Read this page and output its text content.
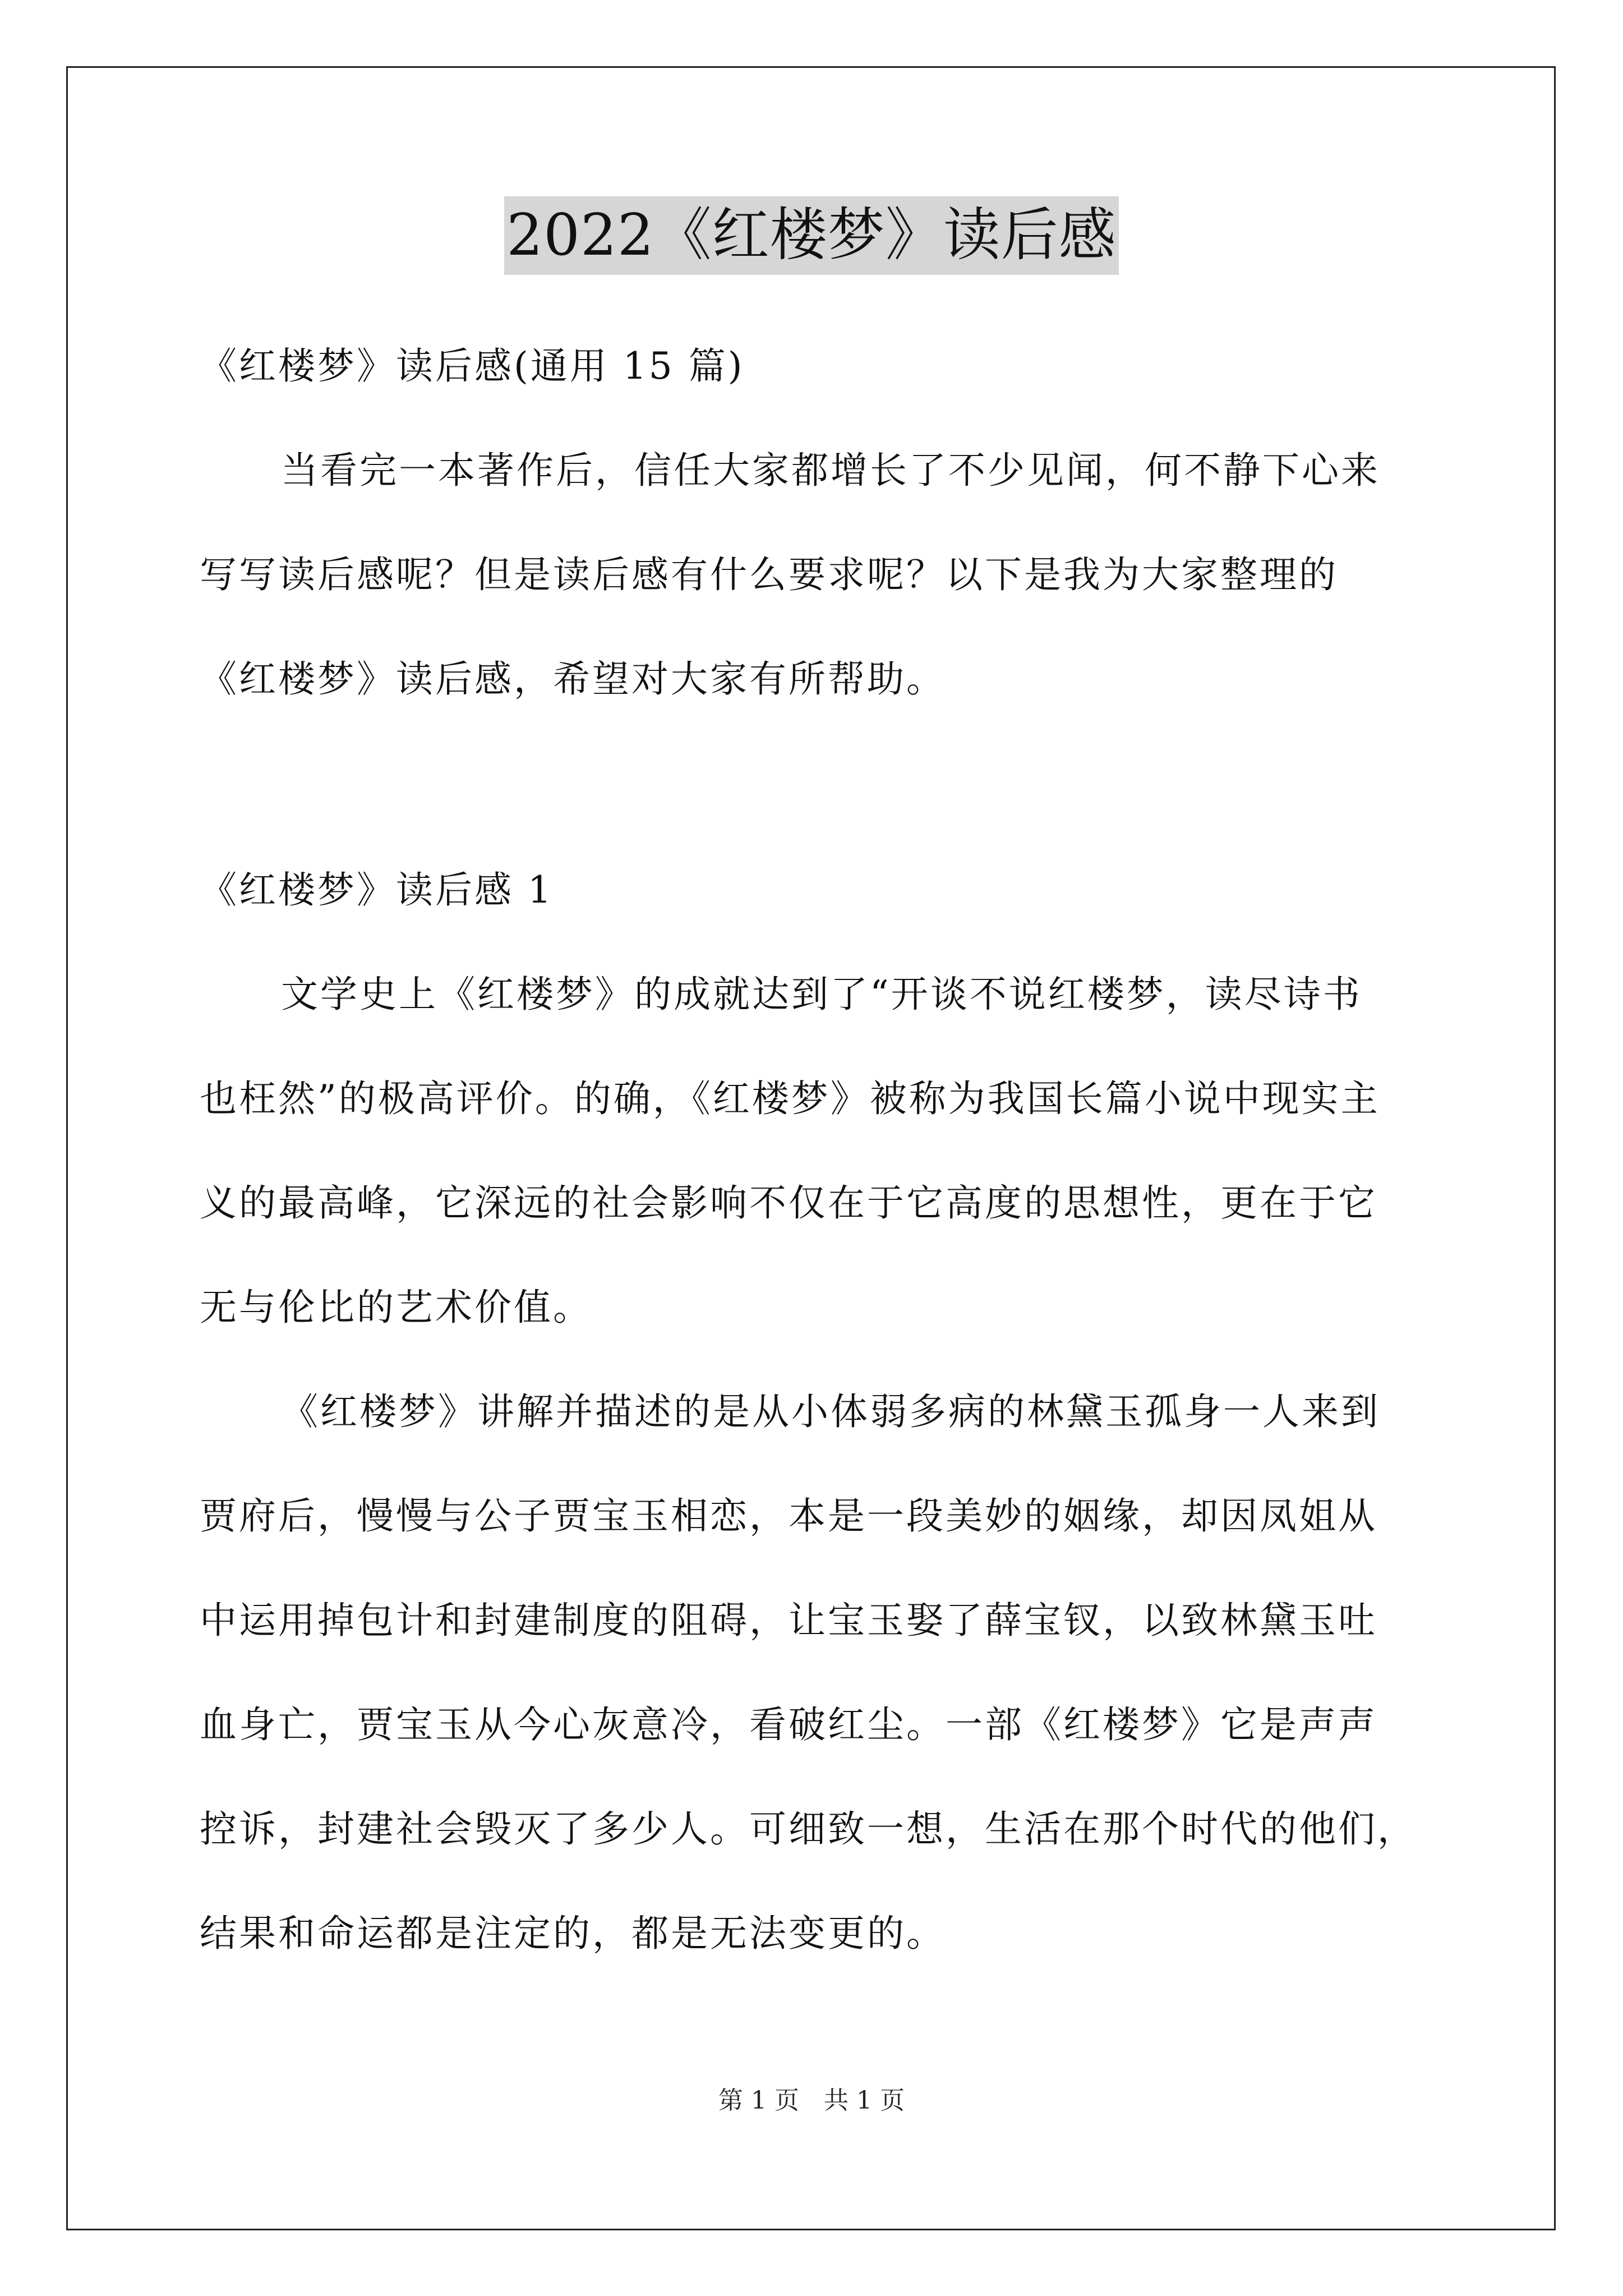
2022《红楼梦》读后感
《红楼梦》读后感(通用 15 篇)
当看完一本著作后，信任大家都增长了不少见闻，何不静下心来
写写读后感呢？但是读后感有什么要求呢？以下是我为大家整理的
《红楼梦》读后感，希望对大家有所帮助。
《红楼梦》读后感 1
文学史上《红楼梦》的成就达到了“开谈不说红楼梦，读尽诗书
也枉然”的极高评价。的确，《红楼梦》被称为我国长篇小说中现实主
义的最高峰，它深远的社会影响不仅在于它高度的思想性，更在于它
无与伦比的艺术价值。
《红楼梦》讲解并描述的是从小体弱多病的林黛玉孤身一人来到
贾府后，慢慢与公子贾宝玉相恋，本是一段美妙的姻缘，却因凤姐从
中运用掉包计和封建制度的阻碍，让宝玉娶了薛宝钗，以致林黛玉吐
血身亡，贾宝玉从今心灰意冷，看破红尘。一部《红楼梦》它是声声
控诉，封建社会毁灭了多少人。可细致一想，生活在那个时代的他们，
结果和命运都是注定的，都是无法变更的。
第 1 页　共 1 页
